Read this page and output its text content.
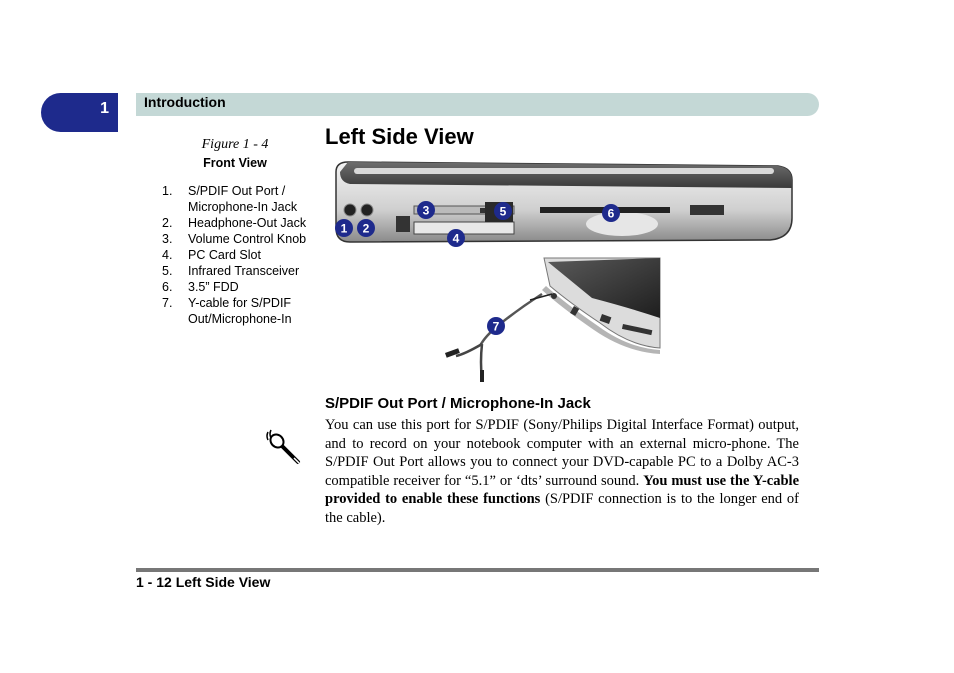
1	Introduction
Figure 1 - 4
Front View
1. S/PDIF Out Port / Microphone-In Jack
2. Headphone-Out Jack
3. Volume Control Knob
4. PC Card Slot
5. Infrared Transceiver
6. 3.5” FDD
7. Y-cable for S/PDIF Out/Microphone-In
Left Side View
1 2
3
4
5	6
7
S/PDIF Out Port / Microphone-In Jack

You can use this port for S/PDIF (Sony/Philips Digital Interface Format) output, and to record on your notebook computer with an external micro-phone. The S/PDIF Out Port allows you to connect your DVD-capable PC to a Dolby AC-3 compatible receiver for “5.1” or ‘dts’ surround sound. You must use the Y-cable provided to enable these functions (S/PDIF connection is to the longer end of the cable).

1 - 12 Left Side View
